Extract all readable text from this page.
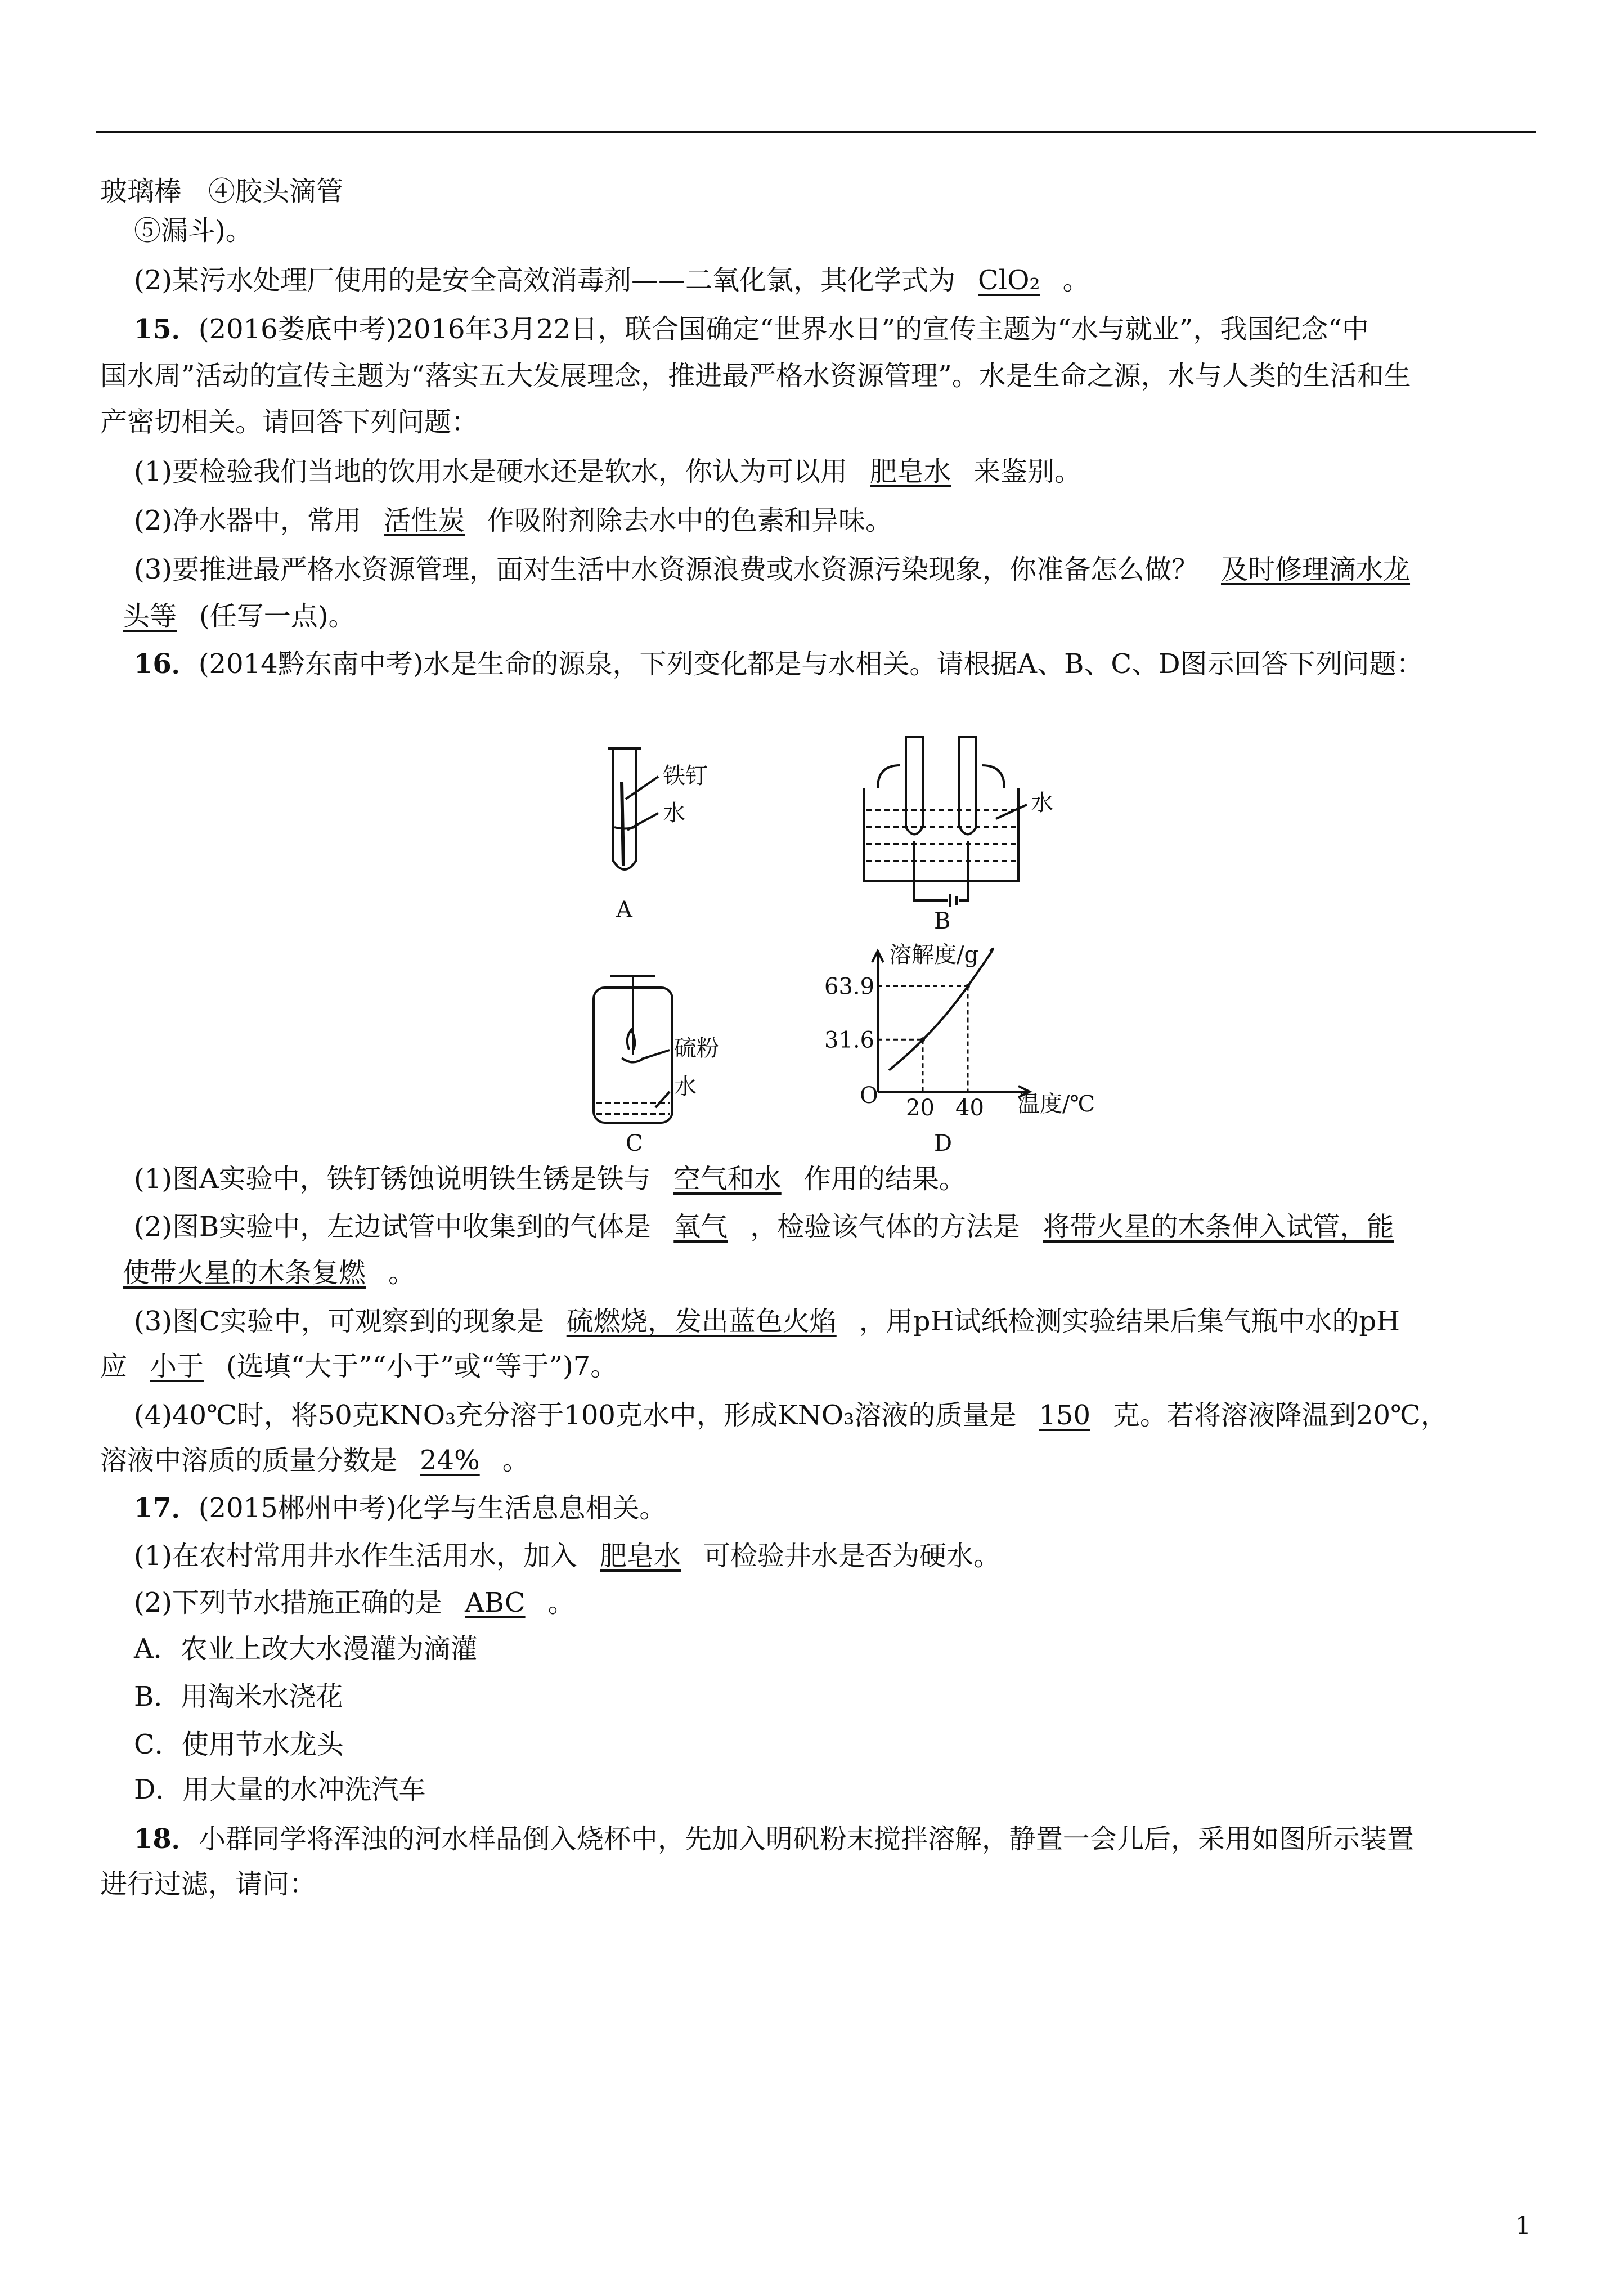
玻璃棒　④胶头滴管
⑤漏斗)。
(2)某污水处理厂使用的是安全高效消毒剂——二氧化氯，其化学式为 ClO₂ 。
15．(2016娄底中考)2016年3月22日，联合国确定“世界水日”的宣传主题为“水与就业”，我国纪念“中
国水周”活动的宣传主题为“落实五大发展理念，推进最严格水资源管理”。水是生命之源，水与人类的生活和生
产密切相关。请回答下列问题：
(1)要检验我们当地的饮用水是硬水还是软水，你认为可以用 肥皂水 来鉴别。
(2)净水器中，常用 活性炭 作吸附剂除去水中的色素和异味。
(3)要推进最严格水资源管理，面对生活中水资源浪费或水资源污染现象，你准备怎么做？ 及时修理滴水龙
头等 (任写一点)。
16．(2014黔东南中考)水是生命的源泉，下列变化都是与水相关。请根据A、B、C、D图示回答下列问题：
(1)图A实验中，铁钉锈蚀说明铁生锈是铁与 空气和水 作用的结果。
(2)图B实验中，左边试管中收集到的气体是 氧气 ，检验该气体的方法是 将带火星的木条伸入试管，能
使带火星的木条复燃 。
(3)图C实验中，可观察到的现象是 硫燃烧，发出蓝色火焰 ，用pH试纸检测实验结果后集气瓶中水的pH
应 小于 (选填“大于”“小于”或“等于”)7。
(4)40℃时，将50克KNO₃充分溶于100克水中，形成KNO₃溶液的质量是 150 克。若将溶液降温到20℃，
溶液中溶质的质量分数是 24% 。
17．(2015郴州中考)化学与生活息息相关。
(1)在农村常用井水作生活用水，加入 肥皂水 可检验井水是否为硬水。
(2)下列节水措施正确的是 ABC 。
A．农业上改大水漫灌为滴灌
B．用淘米水浇花
C．使用节水龙头
D．用大量的水冲洗汽车
18．小群同学将浑浊的河水样品倒入烧杯中，先加入明矾粉末搅拌溶解，静置一会儿后，采用如图所示装置
进行过滤，请问：
铁钉
水
A
水
B
硫粉
水
C
31.6
63.9
20 40
溶解度/g
温度/℃
O
D
1
